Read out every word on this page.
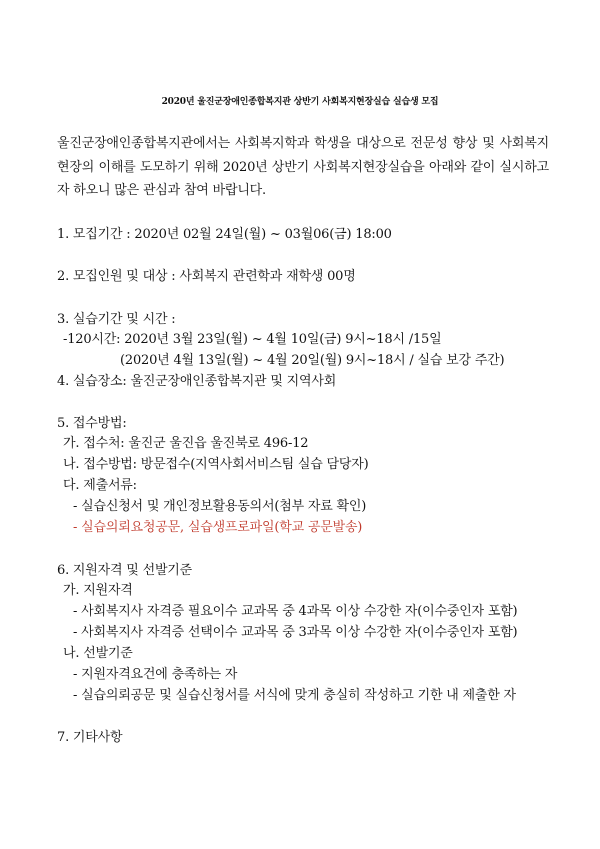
2020년 울진군장애인종합복지관 상반기 사회복지현장실습 실습생 모집

울진군장애인종합복지관에서는 사회복지학과 학생을 대상으로 전문성 향상 및 사회복지 현장의 이해를 도모하기 위해 2020년 상반기 사회복지현장실습을 아래와 같이 실시하고자 하오니 많은 관심과 참여 바랍니다.

1. 모집기간 : 2020년 02월 24일(월) ~ 03월06(금) 18:00
2. 모집인원 및 대상 : 사회복지 관련학과 재학생 00명
3. 실습기간 및 시간 :
-120시간: 2020년 3월 23일(월) ~ 4월 10일(금) 9시~18시 /15일
(2020년 4월 13일(월) ~ 4월 20일(월) 9시~18시 / 실습 보강 주간)
4. 실습장소: 울진군장애인종합복지관 및 지역사회
5. 접수방법:
가. 접수처: 울진군 울진읍 울진북로 496-12
나. 접수방법: 방문접수(지역사회서비스팀 실습 담당자)
다. 제출서류:
- 실습신청서 및 개인정보활용동의서(첨부 자료 확인)
- 실습의뢰요청공문, 실습생프로파일(학교 공문발송)
6. 지원자격 및 선발기준
가. 지원자격
- 사회복지사 자격증 필요이수 교과목 중 4과목 이상 수강한 자(이수중인자 포함)
- 사회복지사 자격증 선택이수 교과목 중 3과목 이상 수강한 자(이수중인자 포함)
나. 선발기준
- 지원자격요건에 충족하는 자
- 실습의뢰공문 및 실습신청서를 서식에 맞게 충실히 작성하고 기한 내 제출한 자
7. 기타사항
